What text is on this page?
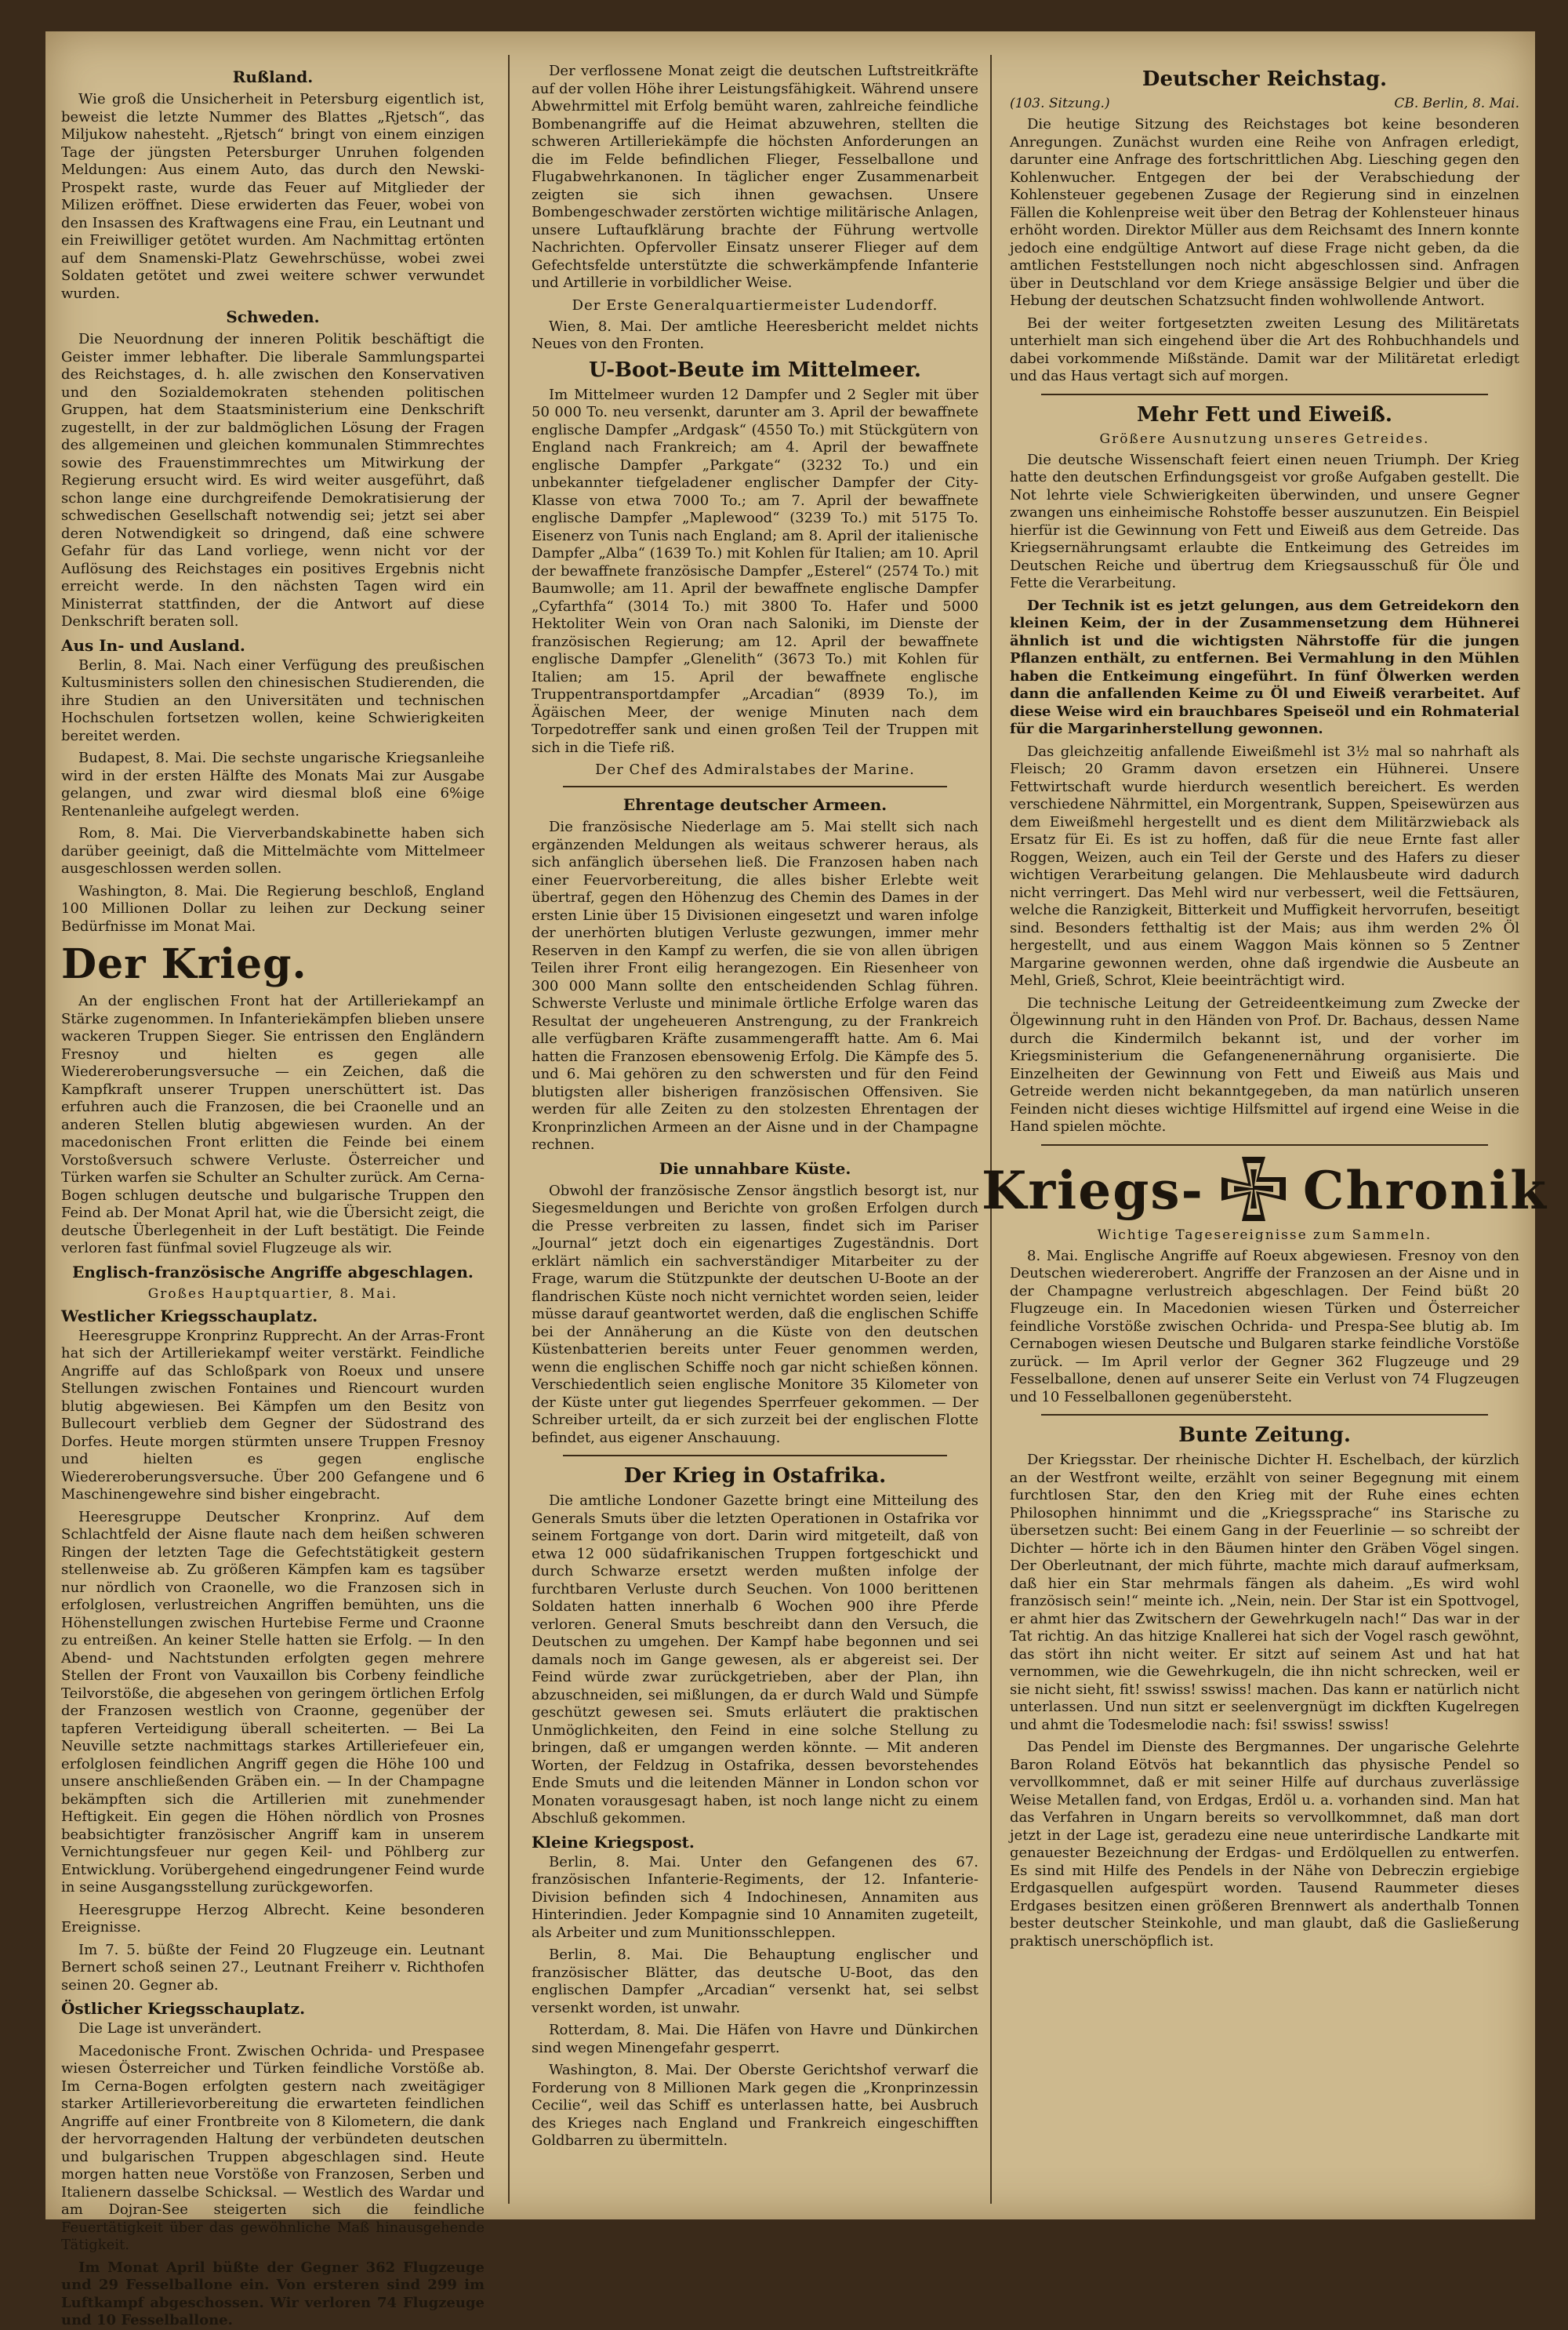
Rußland.

Wie groß die Unsicherheit in Petersburg eigentlich ist, beweist die letzte Nummer des Blattes „Rjetsch“, das Miljukow nahesteht. „Rjetsch“ bringt von einem einzigen Tage der jüngsten Petersburger Unruhen folgenden Meldungen: Aus einem Auto, das durch den Newski-Prospekt raste, wurde das Feuer auf Mitglieder der Milizen eröffnet. Diese erwiderten das Feuer, wobei von den Insassen des Kraftwagens eine Frau, ein Leutnant und ein Freiwilliger getötet wurden. Am Nachmittag ertönten auf dem Snamenski-Platz Gewehrschüsse, wobei zwei Soldaten getötet und zwei weitere schwer verwundet wurden.

Schweden.

Die Neuordnung der inneren Politik beschäftigt die Geister immer lebhafter. Die liberale Sammlungspartei des Reichstages, d. h. alle zwischen den Konservativen und den Sozialdemokraten stehenden politischen Gruppen, hat dem Staatsministerium eine Denkschrift zugestellt, in der zur baldmöglichen Lösung der Fragen des allgemeinen und gleichen kommunalen Stimmrechtes sowie des Frauenstimmrechtes um Mitwirkung der Regierung ersucht wird. Es wird weiter ausgeführt, daß schon lange eine durchgreifende Demokratisierung der schwedischen Gesellschaft notwendig sei; jetzt sei aber deren Notwendigkeit so dringend, daß eine schwere Gefahr für das Land vorliege, wenn nicht vor der Auflösung des Reichstages ein positives Ergebnis nicht erreicht werde. In den nächsten Tagen wird ein Ministerrat stattfinden, der die Antwort auf diese Denkschrift beraten soll.

Aus In- und Ausland.

Berlin, 8. Mai. Nach einer Verfügung des preußischen Kultusministers sollen den chinesischen Studierenden, die ihre Studien an den Universitäten und technischen Hochschulen fortsetzen wollen, keine Schwierigkeiten bereitet werden.

Budapest, 8. Mai. Die sechste ungarische Kriegsanleihe wird in der ersten Hälfte des Monats Mai zur Ausgabe gelangen, und zwar wird diesmal bloß eine 6%ige Rentenanleihe aufgelegt werden.

Rom, 8. Mai. Die Vierverbandskabinette haben sich darüber geeinigt, daß die Mittelmächte vom Mittelmeer ausgeschlossen werden sollen.

Washington, 8. Mai. Die Regierung beschloß, England 100 Millionen Dollar zu leihen zur Deckung seiner Bedürfnisse im Monat Mai.

Der Krieg.

An der englischen Front hat der Artilleriekampf an Stärke zugenommen. In Infanteriekämpfen blieben unsere wackeren Truppen Sieger. Sie entrissen den Engländern Fresnoy und hielten es gegen alle Wiedereroberungsversuche — ein Zeichen, daß die Kampfkraft unserer Truppen unerschüttert ist. Das erfuhren auch die Franzosen, die bei Craonelle und an anderen Stellen blutig abgewiesen wurden. An der macedonischen Front erlitten die Feinde bei einem Vorstoßversuch schwere Verluste. Österreicher und Türken warfen sie Schulter an Schulter zurück. Am Cerna-Bogen schlugen deutsche und bulgarische Truppen den Feind ab. Der Monat April hat, wie die Übersicht zeigt, die deutsche Überlegenheit in der Luft bestätigt. Die Feinde verloren fast fünfmal soviel Flugzeuge als wir.

Englisch-französische Angriffe abgeschlagen.
Großes Hauptquartier, 8. Mai.
Westlicher Kriegsschauplatz.

Heeresgruppe Kronprinz Rupprecht. An der Arras-Front hat sich der Artilleriekampf weiter verstärkt. Feindliche Angriffe auf das Schloßpark von Roeux und unsere Stellungen zwischen Fontaines und Riencourt wurden blutig abgewiesen. Bei Kämpfen um den Besitz von Bullecourt verblieb dem Gegner der Südostrand des Dorfes. Heute morgen stürmten unsere Truppen Fresnoy und hielten es gegen englische Wiedereroberungsversuche. Über 200 Gefangene und 6 Maschinengewehre sind bisher eingebracht.

Heeresgruppe Deutscher Kronprinz. Auf dem Schlachtfeld der Aisne flaute nach dem heißen schweren Ringen der letzten Tage die Gefechtstätigkeit gestern stellenweise ab. Zu größeren Kämpfen kam es tagsüber nur nördlich von Craonelle, wo die Franzosen sich in erfolglosen, verlustreichen Angriffen bemühten, uns die Höhenstellungen zwischen Hurtebise Ferme und Craonne zu entreißen. An keiner Stelle hatten sie Erfolg. — In den Abend- und Nachtstunden erfolgten gegen mehrere Stellen der Front von Vauxaillon bis Corbeny feindliche Teilvorstöße, die abgesehen von geringem örtlichen Erfolg der Franzosen westlich von Craonne, gegenüber der tapferen Verteidigung überall scheiterten. — Bei La Neuville setzte nachmittags starkes Artilleriefeuer ein, erfolglosen feindlichen Angriff gegen die Höhe 100 und unsere anschließenden Gräben ein. — In der Champagne bekämpften sich die Artillerien mit zunehmender Heftigkeit. Ein gegen die Höhen nördlich von Prosnes beabsichtigter französischer Angriff kam in unserem Vernichtungsfeuer nur gegen Keil- und Pöhlberg zur Entwicklung. Vorübergehend eingedrungener Feind wurde in seine Ausgangsstellung zurückgeworfen.

Heeresgruppe Herzog Albrecht. Keine besonderen Ereignisse.

Im 7. 5. büßte der Feind 20 Flugzeuge ein. Leutnant Bernert schoß seinen 27., Leutnant Freiherr v. Richthofen seinen 20. Gegner ab.

Östlicher Kriegsschauplatz.

Die Lage ist unverändert.

Macedonische Front. Zwischen Ochrida- und Prespasee wiesen Österreicher und Türken feindliche Vorstöße ab. Im Cerna-Bogen erfolgten gestern nach zweitägiger starker Artillerievorbereitung die erwarteten feindlichen Angriffe auf einer Frontbreite von 8 Kilometern, die dank der hervorragenden Haltung der verbündeten deutschen und bulgarischen Truppen abgeschlagen sind. Heute morgen hatten neue Vorstöße von Franzosen, Serben und Italienern dasselbe Schicksal. — Westlich des Wardar und am Dojran-See steigerten sich die feindliche Feuertätigkeit über das gewöhnliche Maß hinausgehende Tätigkeit.

Im Monat April büßte der Gegner 362 Flugzeuge und 29 Fesselballone ein. Von ersteren sind 299 im Luftkampf abgeschossen. Wir verloren 74 Flugzeuge und 10 Fesselballone.

Der verflossene Monat zeigt die deutschen Luftstreitkräfte auf der vollen Höhe ihrer Leistungsfähigkeit. Während unsere Abwehrmittel mit Erfolg bemüht waren, zahlreiche feindliche Bombenangriffe auf die Heimat abzuwehren, stellten die schweren Artilleriekämpfe die höchsten Anforderungen an die im Felde befindlichen Flieger, Fesselballone und Flugabwehrkanonen. In täglicher enger Zusammenarbeit zeigten sie sich ihnen gewachsen. Unsere Bombengeschwader zerstörten wichtige militärische Anlagen, unsere Luftaufklärung brachte der Führung wertvolle Nachrichten. Opfervoller Einsatz unserer Flieger auf dem Gefechtsfelde unterstützte die schwerkämpfende Infanterie und Artillerie in vorbildlicher Weise.

Der Erste Generalquartiermeister Ludendorff.

Wien, 8. Mai. Der amtliche Heeresbericht meldet nichts Neues von den Fronten.

U-Boot-Beute im Mittelmeer.

Im Mittelmeer wurden 12 Dampfer und 2 Segler mit über 50 000 To. neu versenkt, darunter am 3. April der bewaffnete englische Dampfer „Ardgask“ (4550 To.) mit Stückgütern von England nach Frankreich; am 4. April der bewaffnete englische Dampfer „Parkgate“ (3232 To.) und ein unbekannter tiefgeladener englischer Dampfer der City-Klasse von etwa 7000 To.; am 7. April der bewaffnete englische Dampfer „Maplewood“ (3239 To.) mit 5175 To. Eisenerz von Tunis nach England; am 8. April der italienische Dampfer „Alba“ (1639 To.) mit Kohlen für Italien; am 10. April der bewaffnete französische Dampfer „Esterel“ (2574 To.) mit Baumwolle; am 11. April der bewaffnete englische Dampfer „Cyfarthfa“ (3014 To.) mit 3800 To. Hafer und 5000 Hektoliter Wein von Oran nach Saloniki, im Dienste der französischen Regierung; am 12. April der bewaffnete englische Dampfer „Glenelith“ (3673 To.) mit Kohlen für Italien; am 15. April der bewaffnete englische Truppentransportdampfer „Arcadian“ (8939 To.), im Ägäischen Meer, der wenige Minuten nach dem Torpedotreffer sank und einen großen Teil der Truppen mit sich in die Tiefe riß.

Der Chef des Admiralstabes der Marine.
Ehrentage deutscher Armeen.

Die französische Niederlage am 5. Mai stellt sich nach ergänzenden Meldungen als weitaus schwerer heraus, als sich anfänglich übersehen ließ. Die Franzosen haben nach einer Feuervorbereitung, die alles bisher Erlebte weit übertraf, gegen den Höhenzug des Chemin des Dames in der ersten Linie über 15 Divisionen eingesetzt und waren infolge der unerhörten blutigen Verluste gezwungen, immer mehr Reserven in den Kampf zu werfen, die sie von allen übrigen Teilen ihrer Front eilig herangezogen. Ein Riesenheer von 300 000 Mann sollte den entscheidenden Schlag führen. Schwerste Verluste und minimale örtliche Erfolge waren das Resultat der ungeheueren Anstrengung, zu der Frankreich alle verfügbaren Kräfte zusammengerafft hatte. Am 6. Mai hatten die Franzosen ebensowenig Erfolg. Die Kämpfe des 5. und 6. Mai gehören zu den schwersten und für den Feind blutigsten aller bisherigen französischen Offensiven. Sie werden für alle Zeiten zu den stolzesten Ehrentagen der Kronprinzlichen Armeen an der Aisne und in der Champagne rechnen.

Die unnahbare Küste.

Obwohl der französische Zensor ängstlich besorgt ist, nur Siegesmeldungen und Berichte von großen Erfolgen durch die Presse verbreiten zu lassen, findet sich im Pariser „Journal“ jetzt doch ein eigenartiges Zugeständnis. Dort erklärt nämlich ein sachverständiger Mitarbeiter zu der Frage, warum die Stützpunkte der deutschen U-Boote an der flandrischen Küste noch nicht vernichtet worden seien, leider müsse darauf geantwortet werden, daß die englischen Schiffe bei der Annäherung an die Küste von den deutschen Küstenbatterien bereits unter Feuer genommen werden, wenn die englischen Schiffe noch gar nicht schießen können. Verschiedentlich seien englische Monitore 35 Kilometer von der Küste unter gut liegendes Sperrfeuer gekommen. — Der Schreiber urteilt, da er sich zurzeit bei der englischen Flotte befindet, aus eigener Anschauung.

Der Krieg in Ostafrika.

Die amtliche Londoner Gazette bringt eine Mitteilung des Generals Smuts über die letzten Operationen in Ostafrika vor seinem Fortgange von dort. Darin wird mitgeteilt, daß von etwa 12 000 südafrikanischen Truppen fortgeschickt und durch Schwarze ersetzt werden mußten infolge der furchtbaren Verluste durch Seuchen. Von 1000 berittenen Soldaten hatten innerhalb 6 Wochen 900 ihre Pferde verloren. General Smuts beschreibt dann den Versuch, die Deutschen zu umgehen. Der Kampf habe begonnen und sei damals noch im Gange gewesen, als er abgereist sei. Der Feind würde zwar zurückgetrieben, aber der Plan, ihn abzuschneiden, sei mißlungen, da er durch Wald und Sümpfe geschützt gewesen sei. Smuts erläutert die praktischen Unmöglichkeiten, den Feind in eine solche Stellung zu bringen, daß er umgangen werden könnte. — Mit anderen Worten, der Feldzug in Ostafrika, dessen bevorstehendes Ende Smuts und die leitenden Männer in London schon vor Monaten vorausgesagt haben, ist noch lange nicht zu einem Abschluß gekommen.

Kleine Kriegspost.

Berlin, 8. Mai. Unter den Gefangenen des 67. französischen Infanterie-Regiments, der 12. Infanterie-Division befinden sich 4 Indochinesen, Annamiten aus Hinterindien. Jeder Kompagnie sind 10 Annamiten zugeteilt, als Arbeiter und zum Munitionsschleppen.

Berlin, 8. Mai. Die Behauptung englischer und französischer Blätter, das deutsche U-Boot, das den englischen Dampfer „Arcadian“ versenkt hat, sei selbst versenkt worden, ist unwahr.

Rotterdam, 8. Mai. Die Häfen von Havre und Dünkirchen sind wegen Minengefahr gesperrt.

Washington, 8. Mai. Der Oberste Gerichtshof verwarf die Forderung von 8 Millionen Mark gegen die „Kronprinzessin Cecilie“, weil das Schiff es unterlassen hatte, bei Ausbruch des Krieges nach England und Frankreich eingeschifften Goldbarren zu übermitteln.

Deutscher Reichstag.
(103. Sitzung.)	CB. Berlin, 8. Mai.

Die heutige Sitzung des Reichstages bot keine besonderen Anregungen. Zunächst wurden eine Reihe von Anfragen erledigt, darunter eine Anfrage des fortschrittlichen Abg. Liesching gegen den Kohlenwucher. Entgegen der bei der Verabschiedung der Kohlensteuer gegebenen Zusage der Regierung sind in einzelnen Fällen die Kohlenpreise weit über den Betrag der Kohlensteuer hinaus erhöht worden. Direktor Müller aus dem Reichsamt des Innern konnte jedoch eine endgültige Antwort auf diese Frage nicht geben, da die amtlichen Feststellungen noch nicht abgeschlossen sind. Anfragen über in Deutschland vor dem Kriege ansässige Belgier und über die Hebung der deutschen Schatzsucht finden wohlwollende Antwort.

Bei der weiter fortgesetzten zweiten Lesung des Militäretats unterhielt man sich eingehend über die Art des Rohbuchhandels und dabei vorkommende Mißstände. Damit war der Militäretat erledigt und das Haus vertagt sich auf morgen.

Mehr Fett und Eiweiß.
Größere Ausnutzung unseres Getreides.

Die deutsche Wissenschaft feiert einen neuen Triumph. Der Krieg hatte den deutschen Erfindungsgeist vor große Aufgaben gestellt. Die Not lehrte viele Schwierigkeiten überwinden, und unsere Gegner zwangen uns einheimische Rohstoffe besser auszunutzen. Ein Beispiel hierfür ist die Gewinnung von Fett und Eiweiß aus dem Getreide. Das Kriegsernährungsamt erlaubte die Entkeimung des Getreides im Deutschen Reiche und übertrug dem Kriegsausschuß für Öle und Fette die Verarbeitung.

Der Technik ist es jetzt gelungen, aus dem Getreidekorn den kleinen Keim, der in der Zusammensetzung dem Hühnerei ähnlich ist und die wichtigsten Nährstoffe für die jungen Pflanzen enthält, zu entfernen. Bei Vermahlung in den Mühlen haben die Entkeimung eingeführt. In fünf Ölwerken werden dann die anfallenden Keime zu Öl und Eiweiß verarbeitet. Auf diese Weise wird ein brauchbares Speiseöl und ein Rohmaterial für die Margarinherstellung gewonnen.

Das gleichzeitig anfallende Eiweißmehl ist 3½ mal so nahrhaft als Fleisch; 20 Gramm davon ersetzen ein Hühnerei. Unsere Fettwirtschaft wurde hierdurch wesentlich bereichert. Es werden verschiedene Nährmittel, ein Morgentrank, Suppen, Speisewürzen aus dem Eiweißmehl hergestellt und es dient dem Militärzwieback als Ersatz für Ei. Es ist zu hoffen, daß für die neue Ernte fast aller Roggen, Weizen, auch ein Teil der Gerste und des Hafers zu dieser wichtigen Verarbeitung gelangen. Die Mehlausbeute wird dadurch nicht verringert. Das Mehl wird nur verbessert, weil die Fettsäuren, welche die Ranzigkeit, Bitterkeit und Muffigkeit hervorrufen, beseitigt sind. Besonders fetthaltig ist der Mais; aus ihm werden 2% Öl hergestellt, und aus einem Waggon Mais können so 5 Zentner Margarine gewonnen werden, ohne daß irgendwie die Ausbeute an Mehl, Grieß, Schrot, Kleie beeinträchtigt wird.

Die technische Leitung der Getreideentkeimung zum Zwecke der Ölgewinnung ruht in den Händen von Prof. Dr. Bachaus, dessen Name durch die Kindermilch bekannt ist, und der vorher im Kriegsministerium die Gefangenenernährung organisierte. Die Einzelheiten der Gewinnung von Fett und Eiweiß aus Mais und Getreide werden nicht bekanntgegeben, da man natürlich unseren Feinden nicht dieses wichtige Hilfsmittel auf irgend eine Weise in die Hand spielen möchte.

Kriegs- Chronik
Wichtige Tagesereignisse zum Sammeln.

8. Mai. Englische Angriffe auf Roeux abgewiesen. Fresnoy von den Deutschen wiedererobert. Angriffe der Franzosen an der Aisne und in der Champagne verlustreich abgeschlagen. Der Feind büßt 20 Flugzeuge ein. In Macedonien wiesen Türken und Österreicher feindliche Vorstöße zwischen Ochrida- und Prespa-See blutig ab. Im Cernabogen wiesen Deutsche und Bulgaren starke feindliche Vorstöße zurück. — Im April verlor der Gegner 362 Flugzeuge und 29 Fesselballone, denen auf unserer Seite ein Verlust von 74 Flugzeugen und 10 Fesselballonen gegenübersteht.

Bunte Zeitung.

Der Kriegsstar. Der rheinische Dichter H. Eschelbach, der kürzlich an der Westfront weilte, erzählt von seiner Begegnung mit einem furchtlosen Star, den den Krieg mit der Ruhe eines echten Philosophen hinnimmt und die „Kriegssprache“ ins Starische zu übersetzen sucht: Bei einem Gang in der Feuerlinie — so schreibt der Dichter — hörte ich in den Bäumen hinter den Gräben Vögel singen. Der Oberleutnant, der mich führte, machte mich darauf aufmerksam, daß hier ein Star mehrmals fängen als daheim. „Es wird wohl französisch sein!“ meinte ich. „Nein, nein. Der Star ist ein Spottvogel, er ahmt hier das Zwitschern der Gewehrkugeln nach!“ Das war in der Tat richtig. An das hitzige Knallerei hat sich der Vogel rasch gewöhnt, das stört ihn nicht weiter. Er sitzt auf seinem Ast und hat hat vernommen, wie die Gewehrkugeln, die ihn nicht schrecken, weil er sie nicht sieht, fit! sswiss! sswiss! machen. Das kann er natürlich nicht unterlassen. Und nun sitzt er seelenvergnügt im dickften Kugelregen und ahmt die Todesmelodie nach: fsi! sswiss! sswiss!

Das Pendel im Dienste des Bergmannes. Der ungarische Gelehrte Baron Roland Eötvös hat bekanntlich das physische Pendel so vervollkommnet, daß er mit seiner Hilfe auf durchaus zuverlässige Weise Metallen fand, von Erdgas, Erdöl u. a. vorhanden sind. Man hat das Verfahren in Ungarn bereits so vervollkommnet, daß man dort jetzt in der Lage ist, geradezu eine neue unterirdische Landkarte mit genauester Bezeichnung der Erdgas- und Erdölquellen zu entwerfen. Es sind mit Hilfe des Pendels in der Nähe von Debreczin ergiebige Erdgasquellen aufgespürt worden. Tausend Raummeter dieses Erdgases besitzen einen größeren Brennwert als anderthalb Tonnen bester deutscher Steinkohle, und man glaubt, daß die Gasließerung praktisch unerschöpflich ist.
